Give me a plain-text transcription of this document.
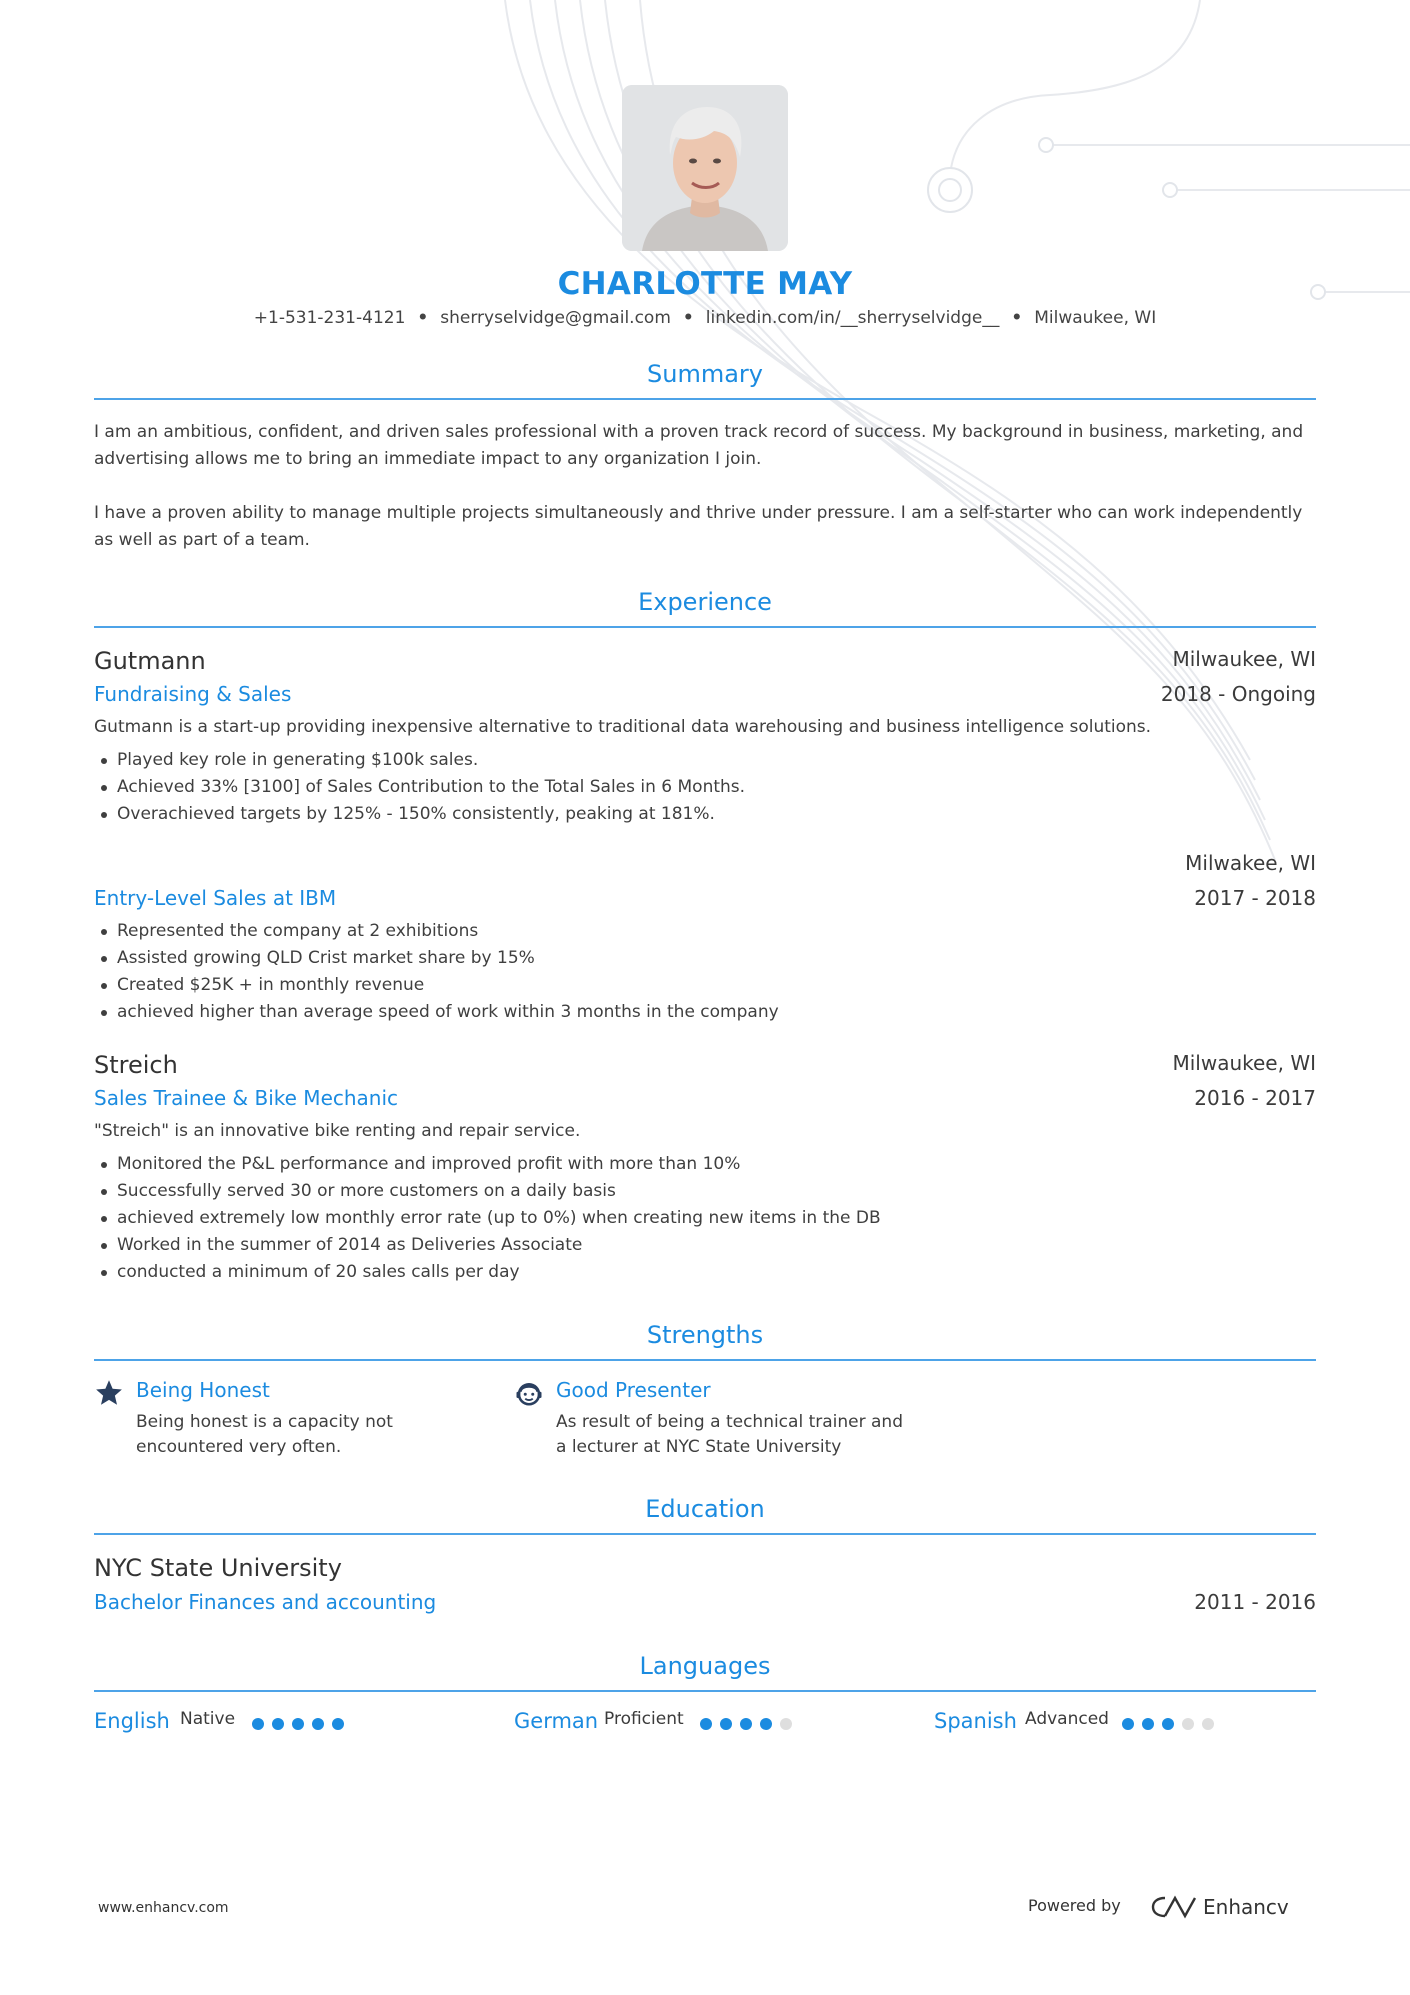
CHARLOTTE MAY
+1-531-231-4121 • sherryselvidge@gmail.com • linkedin.com/in/__sherryselvidge__ • Milwaukee, WI
Summary
I am an ambitious, confident, and driven sales professional with a proven track record of success. My background in business, marketing, and advertising allows me to bring an immediate impact to any organization I join.
I have a proven ability to manage multiple projects simultaneously and thrive under pressure. I am a self-starter who can work independently as well as part of a team.
Experience
Gutmann	Milwaukee, WI
Fundraising & Sales	2018 - Ongoing
Gutmann is a start-up providing inexpensive alternative to traditional data warehousing and business intelligence solutions.
Played key role in generating $100k sales.
Achieved 33% [3100] of Sales Contribution to the Total Sales in 6 Months.
Overachieved targets by 125% - 150% consistently, peaking at 181%.
Milwakee, WI
Entry-Level Sales at IBM	2017 - 2018
Represented the company at 2 exhibitions
Assisted growing QLD Crist market share by 15%
Created $25K + in monthly revenue
achieved higher than average speed of work within 3 months in the company
Streich	Milwaukee, WI
Sales Trainee & Bike Mechanic	2016 - 2017
"Streich" is an innovative bike renting and repair service.
Monitored the P&L performance and improved profit with more than 10%
Successfully served 30 or more customers on a daily basis
achieved extremely low monthly error rate (up to 0%) when creating new items in the DB
Worked in the summer of 2014 as Deliveries Associate
conducted a minimum of 20 sales calls per day
Strengths
Being Honest
Being honest is a capacity not encountered very often.
Good Presenter
As result of being a technical trainer and a lecturer at NYC State University
Education
NYC State University
Bachelor Finances and accounting	2011 - 2016
Languages
English Native	German Proficient	Spanish Advanced
www.enhancv.com	Powered by	Enhancv
